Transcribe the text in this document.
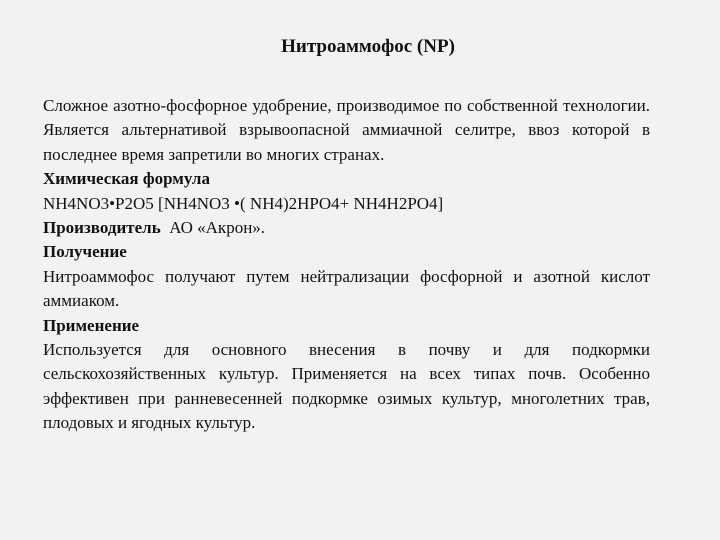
Нитроаммофос (NP)

Сложное азотно-фосфорное удобрение, производимое по собственной технологии. Является альтернативой взрывоопасной аммиачной селитре, ввоз которой в последнее время запретили во многих странах.

Химическая формула
NH4NO3•P2O5 [NH4NO3 •( NH4)2HPO4+ NH4H2PO4]
Производитель АО «Акрон».
Получение

Нитроаммофос получают путем нейтрализации фосфорной и азотной кислот аммиаком.

Применение

Используется для основного внесения в почву и для подкормки сельскохозяйственных культур. Применяется на всех типах почв. Особенно эффективен при ранневесенней подкормке озимых культур, многолетних трав, плодовых и ягодных культур.
